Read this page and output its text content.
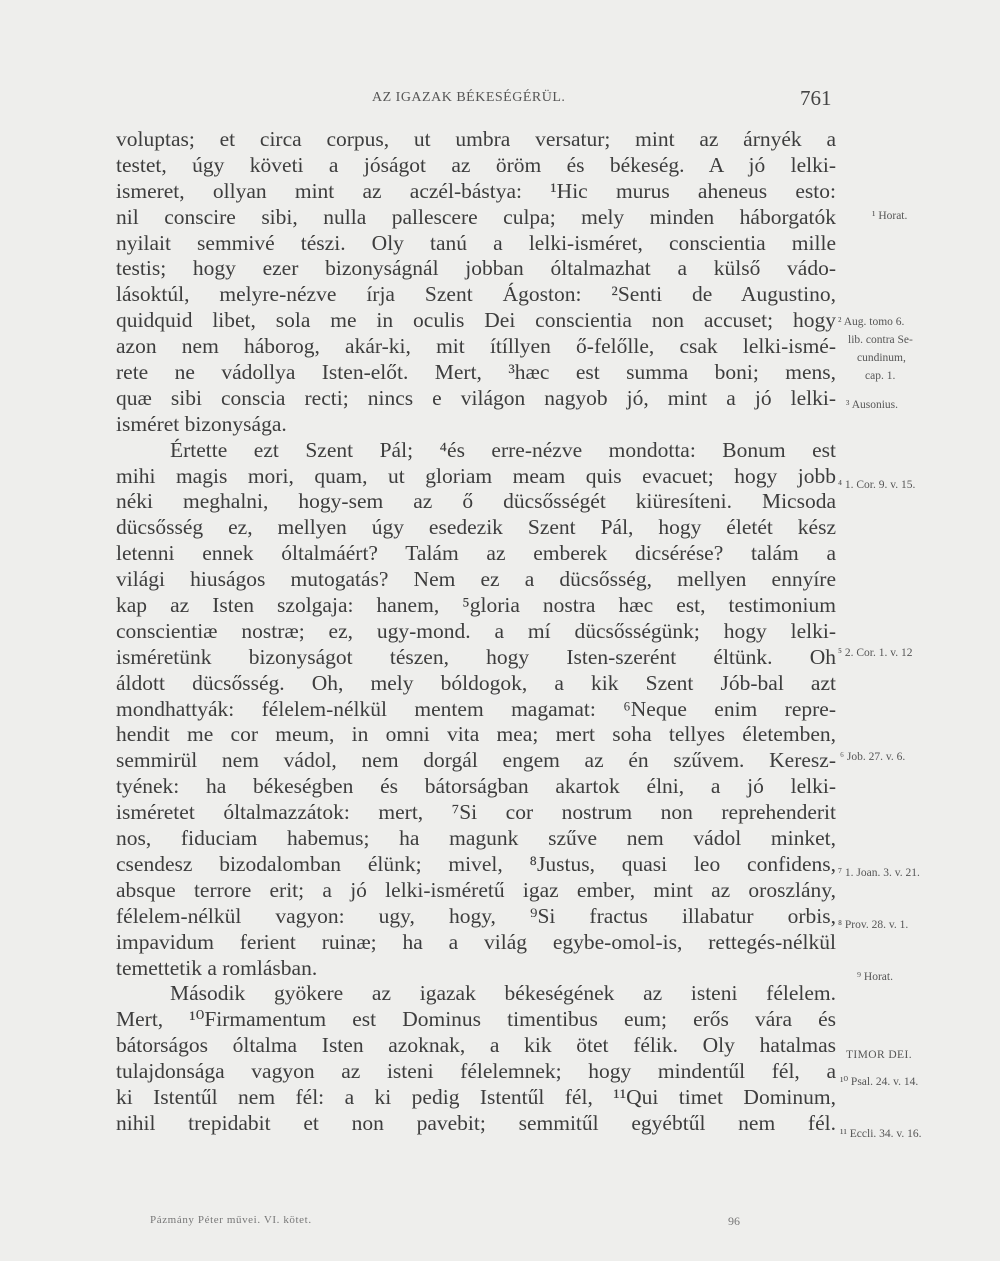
AZ IGAZAK BÉKESÉGÉRÜL.	761
voluptas; et circa corpus, ut umbra versatur; mint az árnyék a
testet, úgy követi a jóságot az öröm és békeség. A jó lelki-
ismeret, ollyan mint az aczél-bástya: ¹Hic murus aheneus esto:
nil conscire sibi, nulla pallescere culpa; mely minden háborgatók
nyilait semmivé tészi. Oly tanú a lelki-isméret, conscientia mille
testis; hogy ezer bizonyságnál jobban óltalmazhat a külső vádo-
lásoktúl, melyre-nézve írja Szent Ágoston: ²Senti de Augustino,
quidquid libet, sola me in oculis Dei conscientia non accuset; hogy
azon nem háborog, akár-ki, mit ítíllyen ő-felőlle, csak lelki-ismé-
rete ne vádollya Isten-előt. Mert, ³hæc est summa boni; mens,
quæ sibi conscia recti; nincs e világon nagyob jó, mint a jó lelki-
isméret bizonysága.
Értette ezt Szent Pál; ⁴és erre-nézve mondotta: Bonum est
mihi magis mori, quam, ut gloriam meam quis evacuet; hogy jobb
néki meghalni, hogy-sem az ő dücsősségét kiüresíteni. Micsoda
dücsősség ez, mellyen úgy esedezik Szent Pál, hogy életét kész
letenni ennek óltalmáért? Talám az emberek dicsérése? talám a
világi hiuságos mutogatás? Nem ez a dücsősség, mellyen ennyíre
kap az Isten szolgaja: hanem, ⁵gloria nostra hæc est, testimonium
conscientiæ nostræ; ez, ugy-mond. a mí dücsősségünk; hogy lelki-
isméretünk bizonyságot tészen, hogy Isten-szerént éltünk. Oh
áldott dücsősség. Oh, mely bóldogok, a kik Szent Jób-bal azt
mondhattyák: félelem-nélkül mentem magamat: ⁶Neque enim repre-
hendit me cor meum, in omni vita mea; mert soha tellyes életemben,
semmirül nem vádol, nem dorgál engem az én szűvem. Keresz-
tyének: ha békeségben és bátorságban akartok élni, a jó lelki-
isméretet óltalmazzátok: mert, ⁷Si cor nostrum non reprehenderit
nos, fiduciam habemus; ha magunk szűve nem vádol minket,
csendesz bizodalomban élünk; mivel, ⁸Justus, quasi leo confidens,
absque terrore erit; a jó lelki-isméretű igaz ember, mint az oroszlány,
félelem-nélkül vagyon: ugy, hogy, ⁹Si fractus illabatur orbis,
impavidum ferient ruinæ; ha a világ egybe-omol-is, rettegés-nélkül
temettetik a romlásban.
Második gyökere az igazak békeségének az isteni félelem.
Mert, ¹⁰Firmamentum est Dominus timentibus eum; erős vára és
bátorságos óltalma Isten azoknak, a kik ötet félik. Oly hatalmas
tulajdonsága vagyon az isteni félelemnek; hogy mindentűl fél, a
ki Istentűl nem fél: a ki pedig Istentűl fél, ¹¹Qui timet Dominum,
nihil trepidabit et non pavebit; semmitűl egyébtűl nem fél.
¹ Horat.
² Aug. tomo 6.
lib. contra Se-
cundinum,
cap. 1.
³ Ausonius.
⁴ 1. Cor. 9. v. 15.
⁵ 2. Cor. 1. v. 12
⁶ Job. 27. v. 6.
⁷ 1. Joan. 3. v. 21.
⁸ Prov. 28. v. 1.
⁹ Horat.
TIMOR DEI.
¹⁰ Psal. 24. v. 14.
¹¹ Eccli. 34. v. 16.
Pázmány Péter művei. VI. kötet.	96
